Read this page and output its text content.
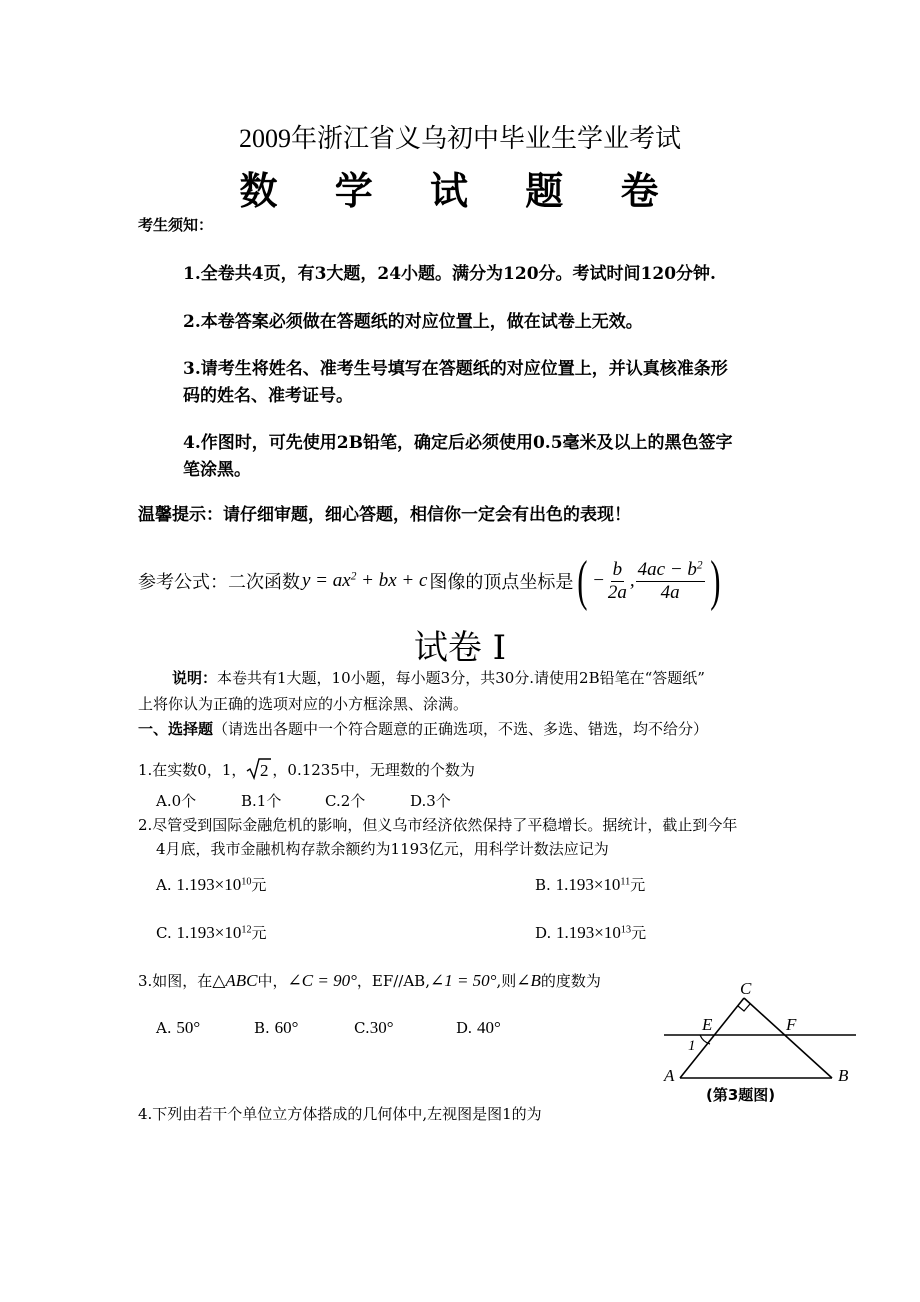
2009年浙江省义乌初中毕业生学业考试
数 学 试 题 卷
考生须知：
1.全卷共4页，有3大题，24小题。满分为120分。考试时间120分钟.
2.本卷答案必须做在答题纸的对应位置上，做在试卷上无效。
3.请考生将姓名、准考生号填写在答题纸的对应位置上，并认真核准条形
码的姓名、准考证号。
4.作图时，可先使用2B铅笔，确定后必须使用0.5毫米及以上的黑色签字
笔涂黑。
温馨提示：请仔细审题，细心答题，相信你一定会有出色的表现！
参考公式： 二次函数 $y = ax^2$ + bx + c 图像的顶点坐标是 ( − $\frac{b}{2a}$ , $\frac{4ac - b^2}{4a}$ )
试卷 I
说明：本卷共有1大题，10小题，每小题3分，共30分.请使用2B铅笔在“答题纸”
上将你认为正确的选项对应的小方框涂黑、涂满。
一、选择题（请选出各题中一个符合题意的正确选项，不选、多选、错选，均不给分）
1.在实数0，1， 2 ，0.1235中，无理数的个数为
A.0个	B.1个	C.2个	D.3个
2.尽管受到国际金融危机的影响，但义乌市经济依然保持了平稳增长。据统计，截止到今年
4月底，我市金融机构存款余额约为1193亿元，用科学计数法应记为
A. $1.193\times 10^{10}$元	B. $1.193\times 10^{11}$元
C. $1.193\times 10^{12}$元	D. $1.193\times 10^{13}$元
3.如图，在△ABC中，∠C = 90°，EF//AB,∠1 = 50°,则∠B的度数为
A. 50°	B. 60°	C.30°	D. 40°
C
E	F
1
A	B
(第3题图)
4.下列由若干个单位立方体搭成的几何体中,左视图是图1的为
